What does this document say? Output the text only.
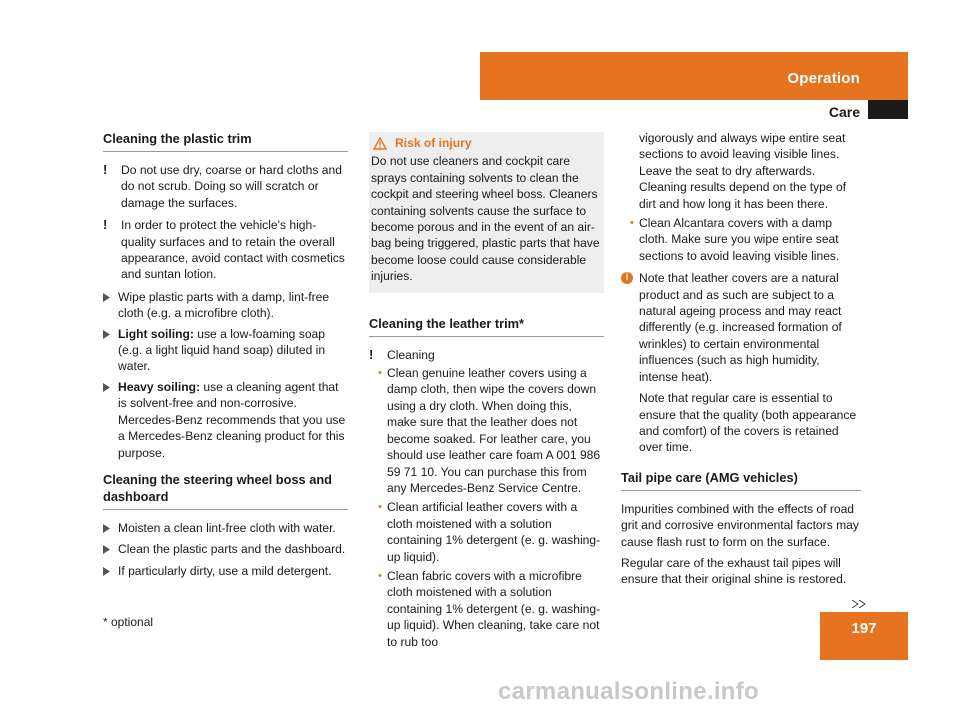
Operation
Care
Cleaning the plastic trim
!	Do not use dry, coarse or hard cloths and do not scrub. Doing so will scratch or damage the surfaces.
!	In order to protect the vehicle's high-quality surfaces and to retain the overall appearance, avoid contact with cosmetics and suntan lotion.
Wipe plastic parts with a damp, lint-free cloth (e.g. a microfibre cloth).
Light soiling: use a low-foaming soap (e.g. a light liquid hand soap) diluted in water.
Heavy soiling: use a cleaning agent that is solvent-free and non-corrosive. Mercedes-Benz recommends that you use a Mercedes-Benz cleaning product for this purpose.
Cleaning the steering wheel boss and dashboard
Moisten a clean lint-free cloth with water.
Clean the plastic parts and the dashboard.
If particularly dirty, use a mild detergent.
Risk of injury
Do not use cleaners and cockpit care sprays containing solvents to clean the cockpit and steering wheel boss. Cleaners containing solvents cause the surface to become porous and in the event of an air-bag being triggered, plastic parts that have become loose could cause considerable injuries.
Cleaning the leather trim*
!	Cleaning
• Clean genuine leather covers using a damp cloth, then wipe the covers down using a dry cloth. When doing this, make sure that the leather does not become soaked. For leather care, you should use leather care foam A 001 986 59 71 10. You can purchase this from any Mercedes-Benz Service Centre.
• Clean artificial leather covers with a cloth moistened with a solution containing 1% detergent (e. g. washing-up liquid).
• Clean fabric covers with a microfibre cloth moistened with a solution containing 1% detergent (e. g. washing-up liquid). When cleaning, take care not to rub too
vigorously and always wipe entire seat sections to avoid leaving visible lines. Leave the seat to dry afterwards. Cleaning results depend on the type of dirt and how long it has been there.
• Clean Alcantara covers with a damp cloth. Make sure you wipe entire seat sections to avoid leaving visible lines.
i Note that leather covers are a natural product and as such are subject to a natural ageing process and may react differently (e.g. increased formation of wrinkles) to certain environmental influences (such as high humidity, intense heat).

Note that regular care is essential to ensure that the quality (both appearance and comfort) of the covers is retained over time.

Tail pipe care (AMG vehicles)

Impurities combined with the effects of road grit and corrosive environmental factors may cause flash rust to form on the surface.

Regular care of the exhaust tail pipes will ensure that their original shine is restored.

197
* optional
carmanualsonline.info
